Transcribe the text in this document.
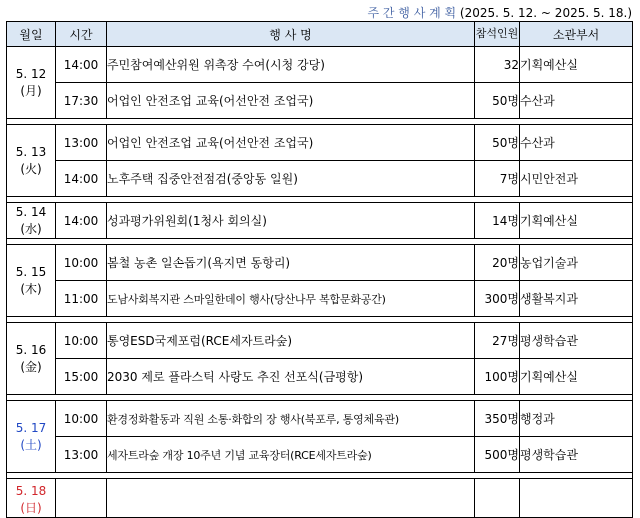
주 간 행 사 계 획 (2025. 5. 12. ~ 2025. 5. 18.)
월일	시간	행 사 명	참석인원	소관부서

5. 12
(月)	14:00	주민참여예산위원 위촉장 수여(시청 강당)	32	기획예산실
	17:30	어업인 안전조업 교육(어선안전 조업국)	50명	수산과

5. 13
(火)	13:00	어업인 안전조업 교육(어선안전 조업국)	50명	수산과
	14:00	노후주택 집중안전점검(중앙동 일원)	7명	시민안전과

5. 14
(水)	14:00	성과평가위원회(1청사 회의실)	14명	기획예산실

5. 15
(木)	10:00	봄철 농촌 일손돕기(욕지면 동항리)	20명	농업기술과
	11:00	도남사회복지관 스마일한데이 행사(당산나무 복합문화공간)	300명	생활복지과

5. 16
(金)	10:00	통영ESD국제포럼(RCE세자트라숲)	27명	평생학습관
	15:00	2030 제로 플라스틱 사랑도 추진 선포식(금평항)	100명	기획예산실

5. 17
(土)	10:00	환경정화활동과 직원 소통·화합의 장 행사(북포루, 통영체육관)	350명	행정과
	13:00	세자트라숲 개장 10주년 기념 교육장터(RCE세자트라숲)	500명	평생학습관

5. 18
(日)				
